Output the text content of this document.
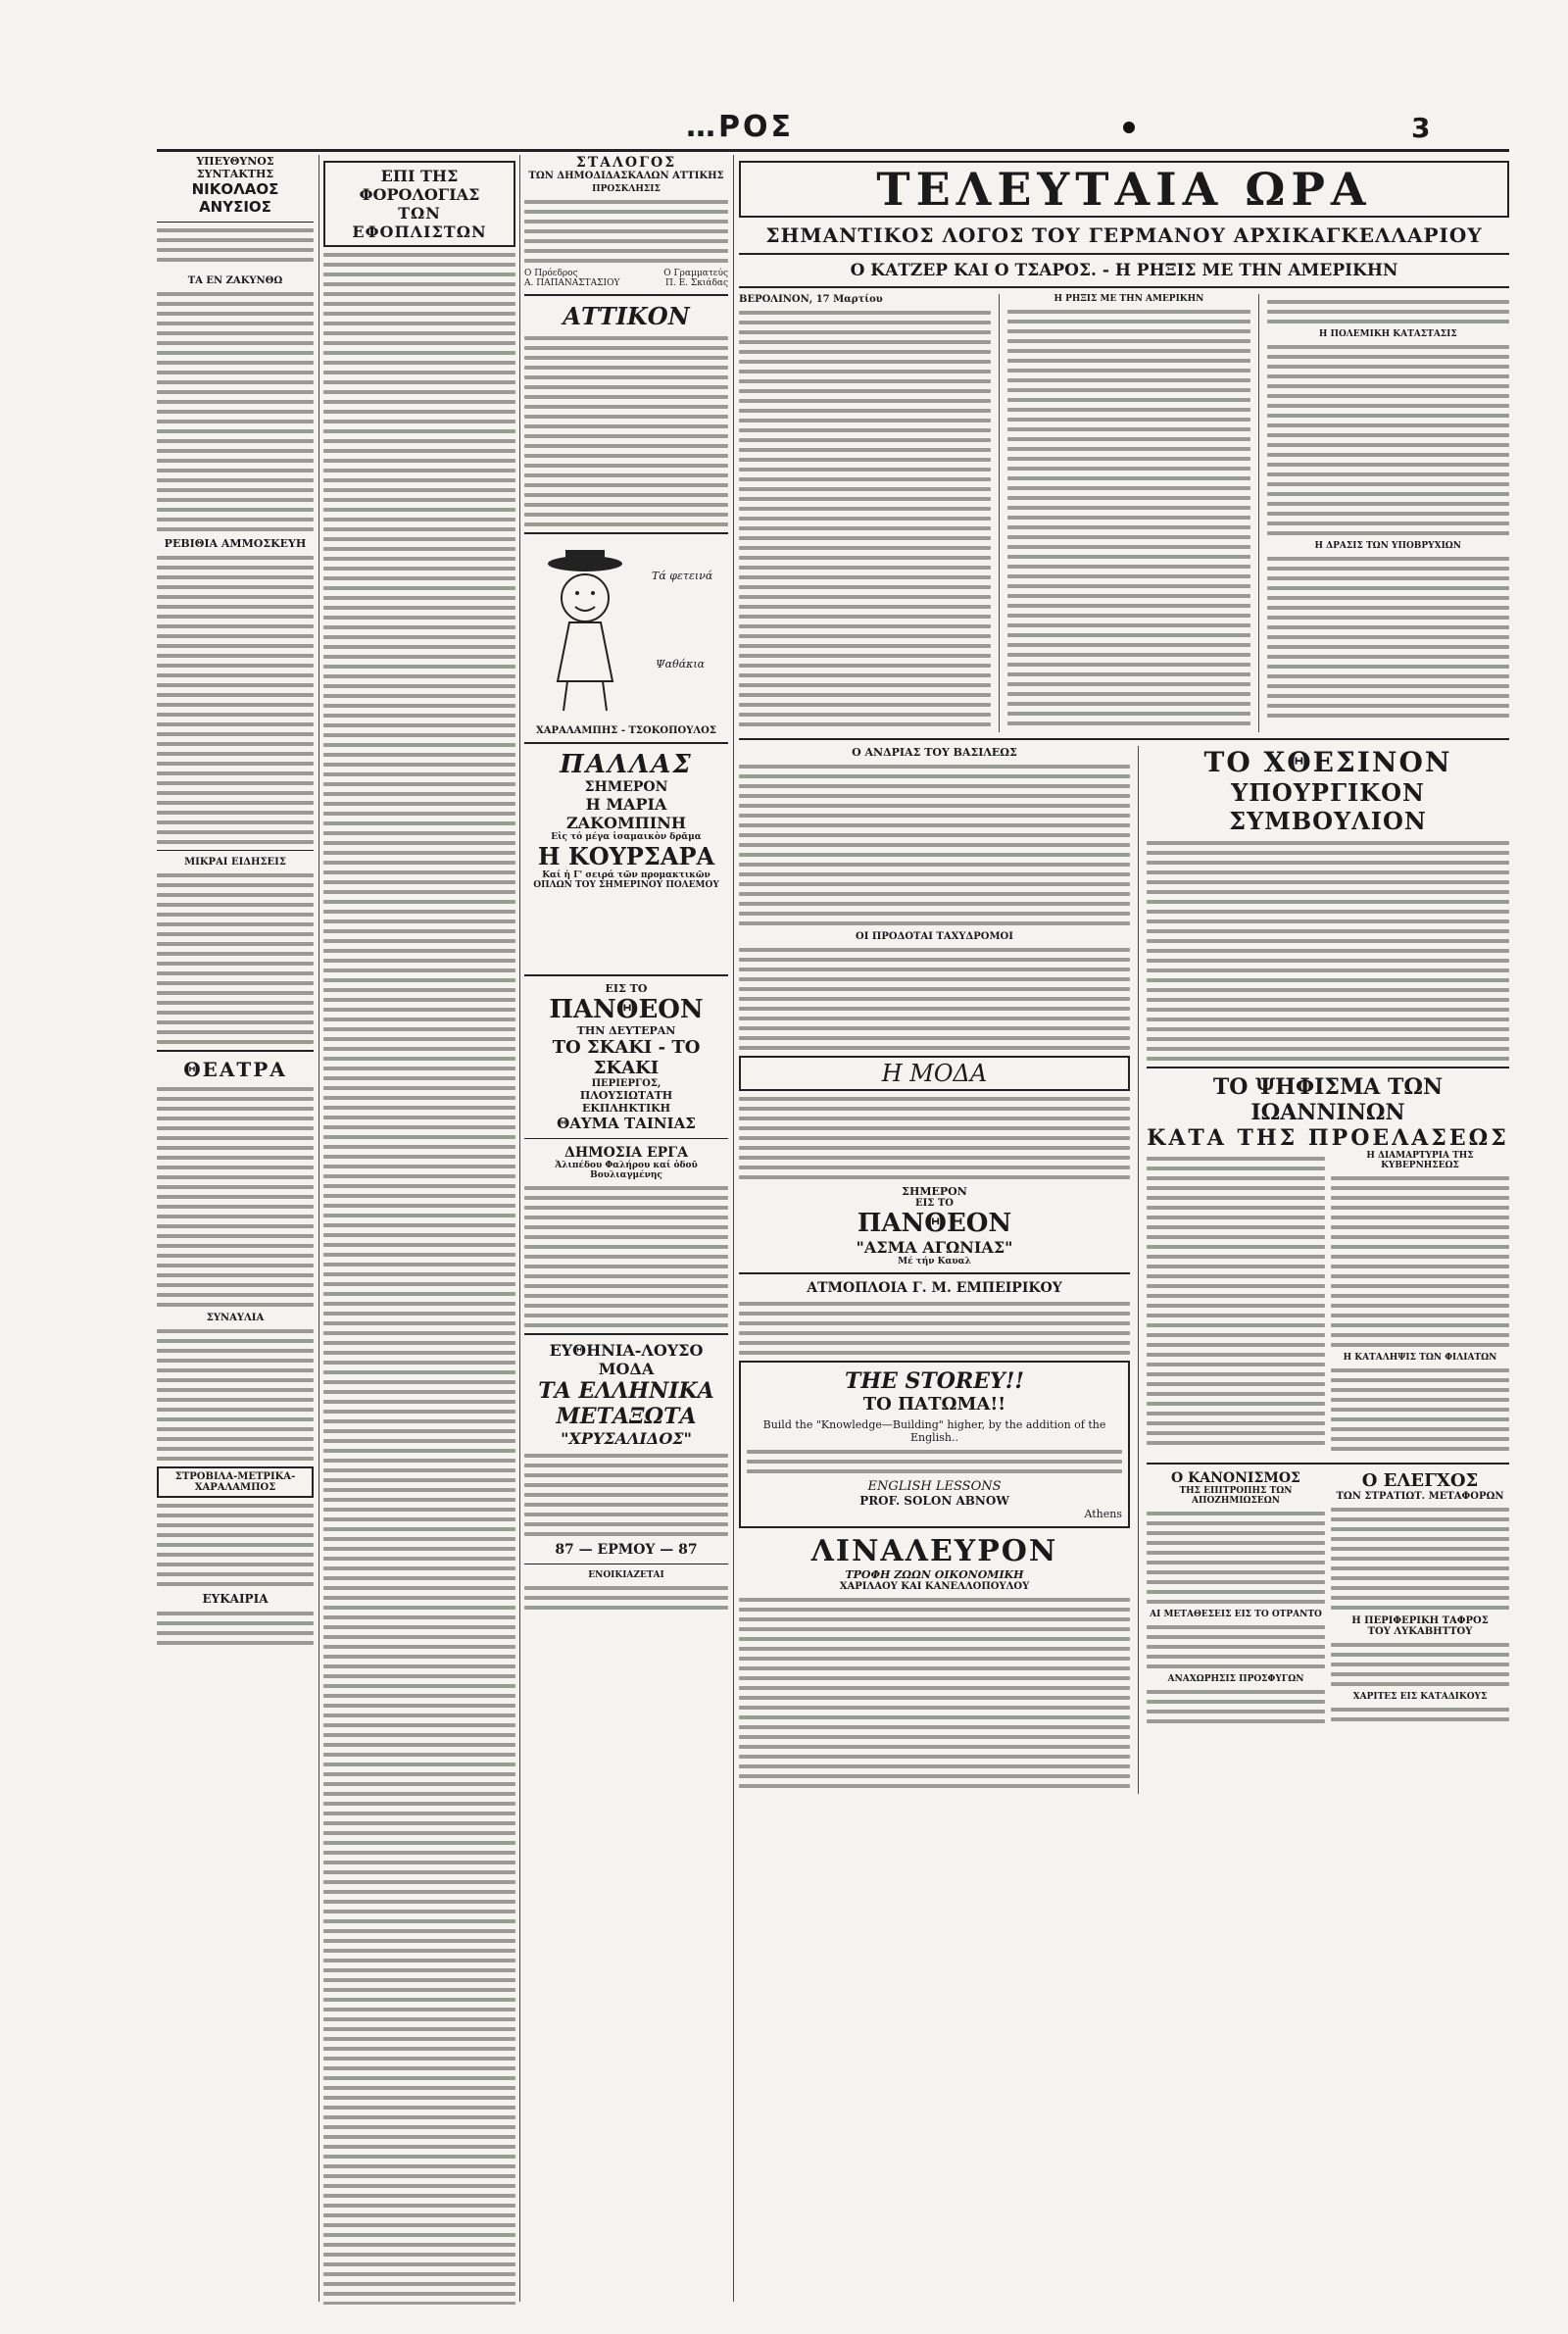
…ΡΟΣ	3
ΥΠΕΥΘΥΝΟΣ ΣΥΝΤΑΚΤΗΣ
ΝΙΚΟΛΑΟΣ ΑΝΥΣΙΟΣ
ΤΑ ΕΝ ΖΑΚΥΝΘΩ
ΡΕΒΙΘΙΑ ΑΜΜΟΣΚΕΥΗ
ΜΙΚΡΑΙ ΕΙΔΗΣΕΙΣ
ΘΕΑΤΡΑ
ΣΥΝΑΥΛΙΑ
ΣΤΡΟΒΙΛΑ-ΜΕΤΡΙΚΑ-ΧΑΡΑΛΑΜΠΟΣ
ΕΥΚΑΙΡΙΑ
ΕΠΙ ΤΗΣ ΦΟΡΟΛΟΓΙΑΣ
ΤΩΝ ΕΦΟΠΛΙΣΤΩΝ
ΣΤΑΛΟΓΟΣ
ΤΩΝ ΔΗΜΟΔΙΔΑΣΚΑΛΩΝ ΑΤΤΙΚΗΣ
ΠΡΟΣΚΛΗΣΙΣ
Ο Πρόεδρος	Ο Γραμματεύς
Α. ΠΑΠΑΝΑΣΤΑΣΙΟΥ	Π. Ε. Σκιάδας
ΑΤΤΙΚΟΝ
Τά φετεινά
Ψαθάκια
ΧΑΡΑΛΑΜΠΗΣ - ΤΣΟΚΟΠΟΥΛΟΣ
ΠΑΛΛΑΣ
ΣΗΜΕΡΟΝ
Η ΜΑΡΙΑ ΖΑΚΟΜΠΙΝΗ
Εἰς τό μέγα ἱσαμαικὸν δρᾶμα
Η ΚΟΥΡΣΑΡΑ
Καί ἡ Γ' σειρά τῶν προμακτικῶν ΟΠΛΩΝ ΤΟΥ ΣΗΜΕΡΙΝΟΥ ΠΟΛΕΜΟΥ
ΕΙΣ ΤΟ
ΠΑΝΘΕΟΝ
ΤΗΝ ΔΕΥΤΕΡΑΝ
ΤΟ ΣΚΑΚΙ - ΤΟ ΣΚΑΚΙ
ΠΕΡΙΕΡΓΟΣ,
ΠΛΟΥΣΙΩΤΑΤΗ
ΕΚΠΛΗΚΤΙΚΗ
ΘΑΥΜΑ ΤΑΙΝΙΑΣ
ΔΗΜΟΣΙΑ ΕΡΓΑ
Ἀλιπέδου Φαλήρου καί ὁδοῦ Βουλιαγμένης
ΕΥΘΗΝΙΑ-ΛΟΥΣΟ ΜΟΔΑ
ΤΑ ΕΛΛΗΝΙΚΑ ΜΕΤΑΞΩΤΑ
"ΧΡΥΣΑΛΙΔΟΣ"
87 — ΕΡΜΟΥ — 87
ΕΝΟΙΚΙΑΖΕΤΑΙ
ΤΕΛΕΥΤΑΙΑ ΩΡΑ
ΣΗΜΑΝΤΙΚΟΣ ΛΟΓΟΣ ΤΟΥ ΓΕΡΜΑΝΟΥ ΑΡΧΙΚΑΓΚΕΛΛΑΡΙΟΥ
Ο ΚΑΤΖΕΡ ΚΑΙ Ο ΤΣΑΡΟΣ. - Η ΡΗΞΙΣ ΜΕ ΤΗΝ ΑΜΕΡΙΚΗΝ
ΒΕΡΟΛΙΝΟΝ, 17 Μαρτίου	Η ΡΗΞΙΣ ΜΕ ΤΗΝ ΑΜΕΡΙΚΗΝ
Η ΠΟΛΕΜΙΚΗ ΚΑΤΑΣΤΑΣΙΣ
Η ΔΡΑΣΙΣ ΤΩΝ ΥΠΟΒΡΥΧΙΩΝ
Ο ΑΝΔΡΙΑΣ ΤΟΥ ΒΑΣΙΛΕΩΣ
ΟΙ ΠΡΟΔΟΤΑΙ ΤΑΧΥΔΡΟΜΟΙ
Η ΜΟΔΑ
ΣΗΜΕΡΟΝ
ΕΙΣ ΤΟ
ΠΑΝΘΕΟΝ
"ΑΣΜΑ ΑΓΩΝΙΑΣ"
Μέ τήν Καυαλ
ΑΤΜΟΠΛΟΙΑ Γ. Μ. ΕΜΠΕΙΡΙΚΟΥ
THE STOREY!!
ΤΟ ΠΑΤΩΜΑ!!
Build the "Knowledge—Building" higher, by the addition of the English..
ENGLISH LESSONS
PROF. SOLON ABNOW
Athens
ΛΙΝΑΛΕΥΡΟΝ
ΤΡΟΦΗ ΖΩΩΝ ΟΙΚΟΝΟΜΙΚΗ
ΧΑΡΙΛΑΟΥ ΚΑΙ ΚΑΝΕΛΛΟΠΟΥΛΟΥ
ΤΟ ΧΘΕΣΙΝΟΝ
ΥΠΟΥΡΓΙΚΟΝ ΣΥΜΒΟΥΛΙΟΝ
ΤΟ ΨΗΦΙΣΜΑ ΤΩΝ ΙΩΑΝΝΙΝΩΝ
ΚΑΤΑ ΤΗΣ ΠΡΟΕΛΑΣΕΩΣ
Η ΔΙΑΜΑΡΤΥΡΙΑ ΤΗΣ ΚΥΒΕΡΝΗΣΕΩΣ
Η ΚΑΤΑΛΗΨΙΣ ΤΩΝ ΦΙΛΙΑΤΩΝ
Ο ΚΑΝΟΝΙΣΜΟΣ
ΤΗΣ ΕΠΙΤΡΟΠΗΣ ΤΩΝ ΑΠΟΖΗΜΙΩΣΕΩΝ
ΑΙ ΜΕΤΑΘΕΣΕΙΣ ΕΙΣ ΤΟ ΟΤΡΑΝΤΟ
ΑΝΑΧΩΡΗΣΙΣ ΠΡΟΣΦΥΓΩΝ
Ο ΕΛΕΓΧΟΣ
ΤΩΝ ΣΤΡΑΤΙΩΤ. ΜΕΤΑΦΟΡΩΝ
Η ΠΕΡΙΦΕΡΙΚΗ ΤΑΦΡΟΣ
ΤΟΥ ΛΥΚΑΒΗΤΤΟΥ
ΧΑΡΙΤΕΣ ΕΙΣ ΚΑΤΑΔΙΚΟΥΣ
